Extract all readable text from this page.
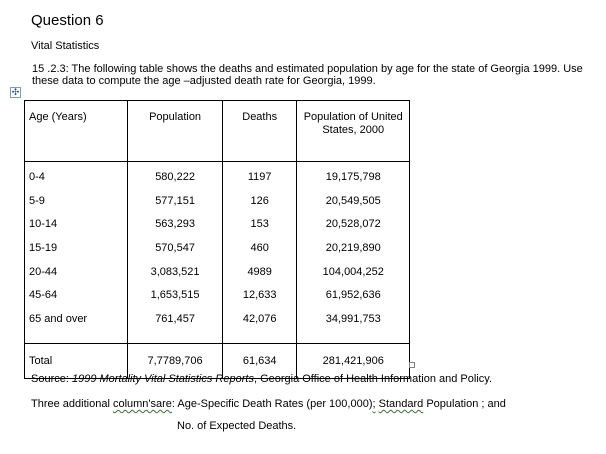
Question 6
Vital Statistics
15 .2.3: The following table shows the deaths and estimated population by age for the state of Georgia 1999. Use these data to compute the age –adjusted death rate for Georgia, 1999.
✣
Age (Years)	Population	Deaths	Population of United States, 2000
0-4	580,222	1197	19,175,798
5-9	577,151	126	20,549,505
10-14	563,293	153	20,528,072
15-19	570,547	460	20,219,890
20-44	3,083,521	4989	104,004,252
45-64	1,653,515	12,633	61,952,636
65 and over	761,457	42,076	34,991,753
Total	7,7789,706	61,634	281,421,906
Source: 1999 Mortality Vital Statistics Reports, Georgia Office of Health Information and Policy.
Three additional column'sare: Age-Specific Death Rates (per 100,000); Standard Population ; and
No. of Expected Deaths.
